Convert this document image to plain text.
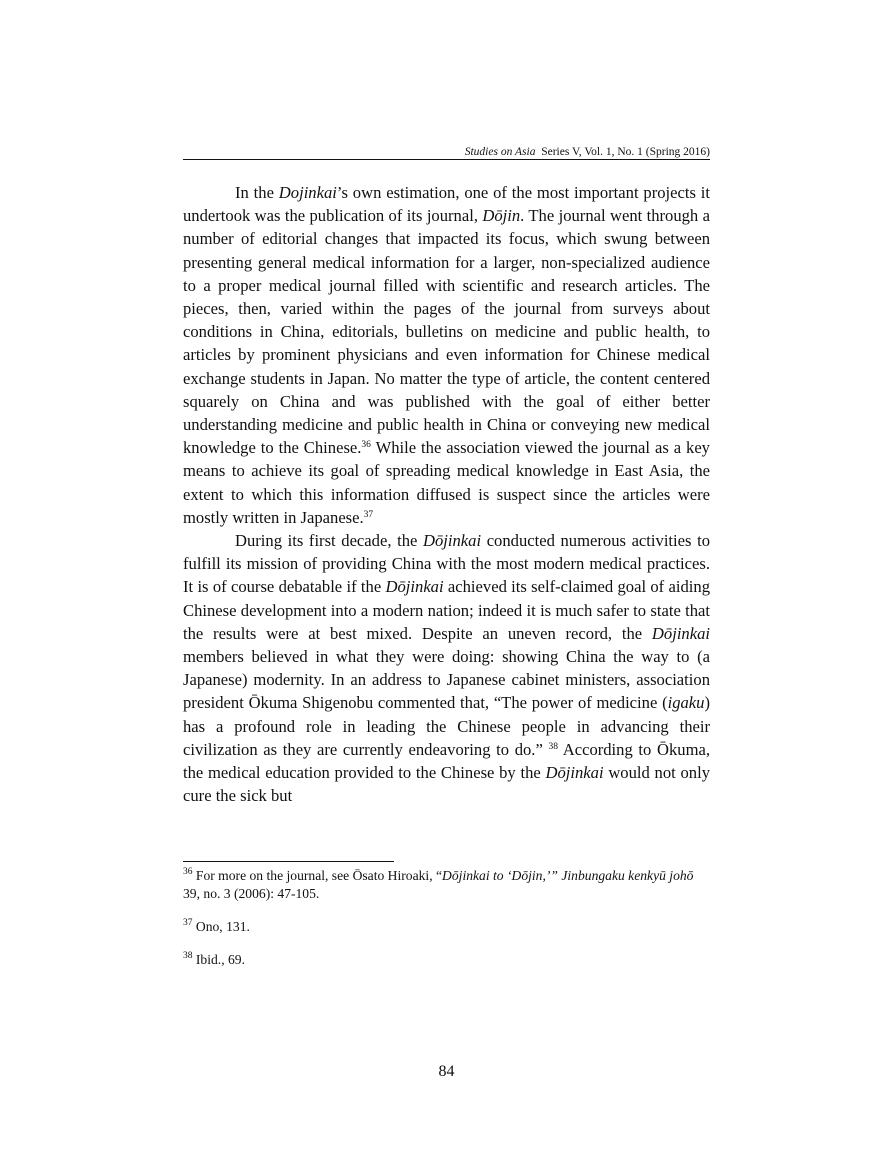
Studies on Asia Series V, Vol. 1, No. 1 (Spring 2016)

In the Dojinkai’s own estimation, one of the most important projects it undertook was the publication of its journal, Dōjin. The journal went through a number of editorial changes that impacted its focus, which swung between presenting general medical information for a larger, non-specialized audience to a proper medical journal filled with scientific and research articles. The pieces, then, varied within the pages of the journal from surveys about conditions in China, editorials, bulletins on medicine and public health, to articles by prominent physicians and even information for Chinese medical exchange students in Japan. No matter the type of article, the content centered squarely on China and was published with the goal of either better understanding medicine and public health in China or conveying new medical knowledge to the Chinese.$^{36}$ While the association viewed the journal as a key means to achieve its goal of spreading medical knowledge in East Asia, the extent to which this information diffused is suspect since the articles were mostly written in Japanese.$^{37}$

During its first decade, the Dōjinkai conducted numerous activities to fulfill its mission of providing China with the most modern medical practices. It is of course debatable if the Dōjinkai achieved its self-claimed goal of aiding Chinese development into a modern nation; indeed it is much safer to state that the results were at best mixed. Despite an uneven record, the Dōjinkai members believed in what they were doing: showing China the way to (a Japanese) modernity. In an address to Japanese cabinet ministers, association president Ōkuma Shigenobu commented that, “The power of medicine (igaku) has a profound role in leading the Chinese people in advancing their civilization as they are currently endeavoring to do.” $^{38}$ According to Ōkuma, the medical education provided to the Chinese by the Dōjinkai would not only cure the sick but

$^{36}$ For more on the journal, see Ōsato Hiroaki, “Dōjinkai to ‘Dōjin,’” Jinbungaku kenkyū johō 39, no. 3 (2006): 47-105.

$^{37}$ Ono, 131.

$^{38}$ Ibid., 69.

84
